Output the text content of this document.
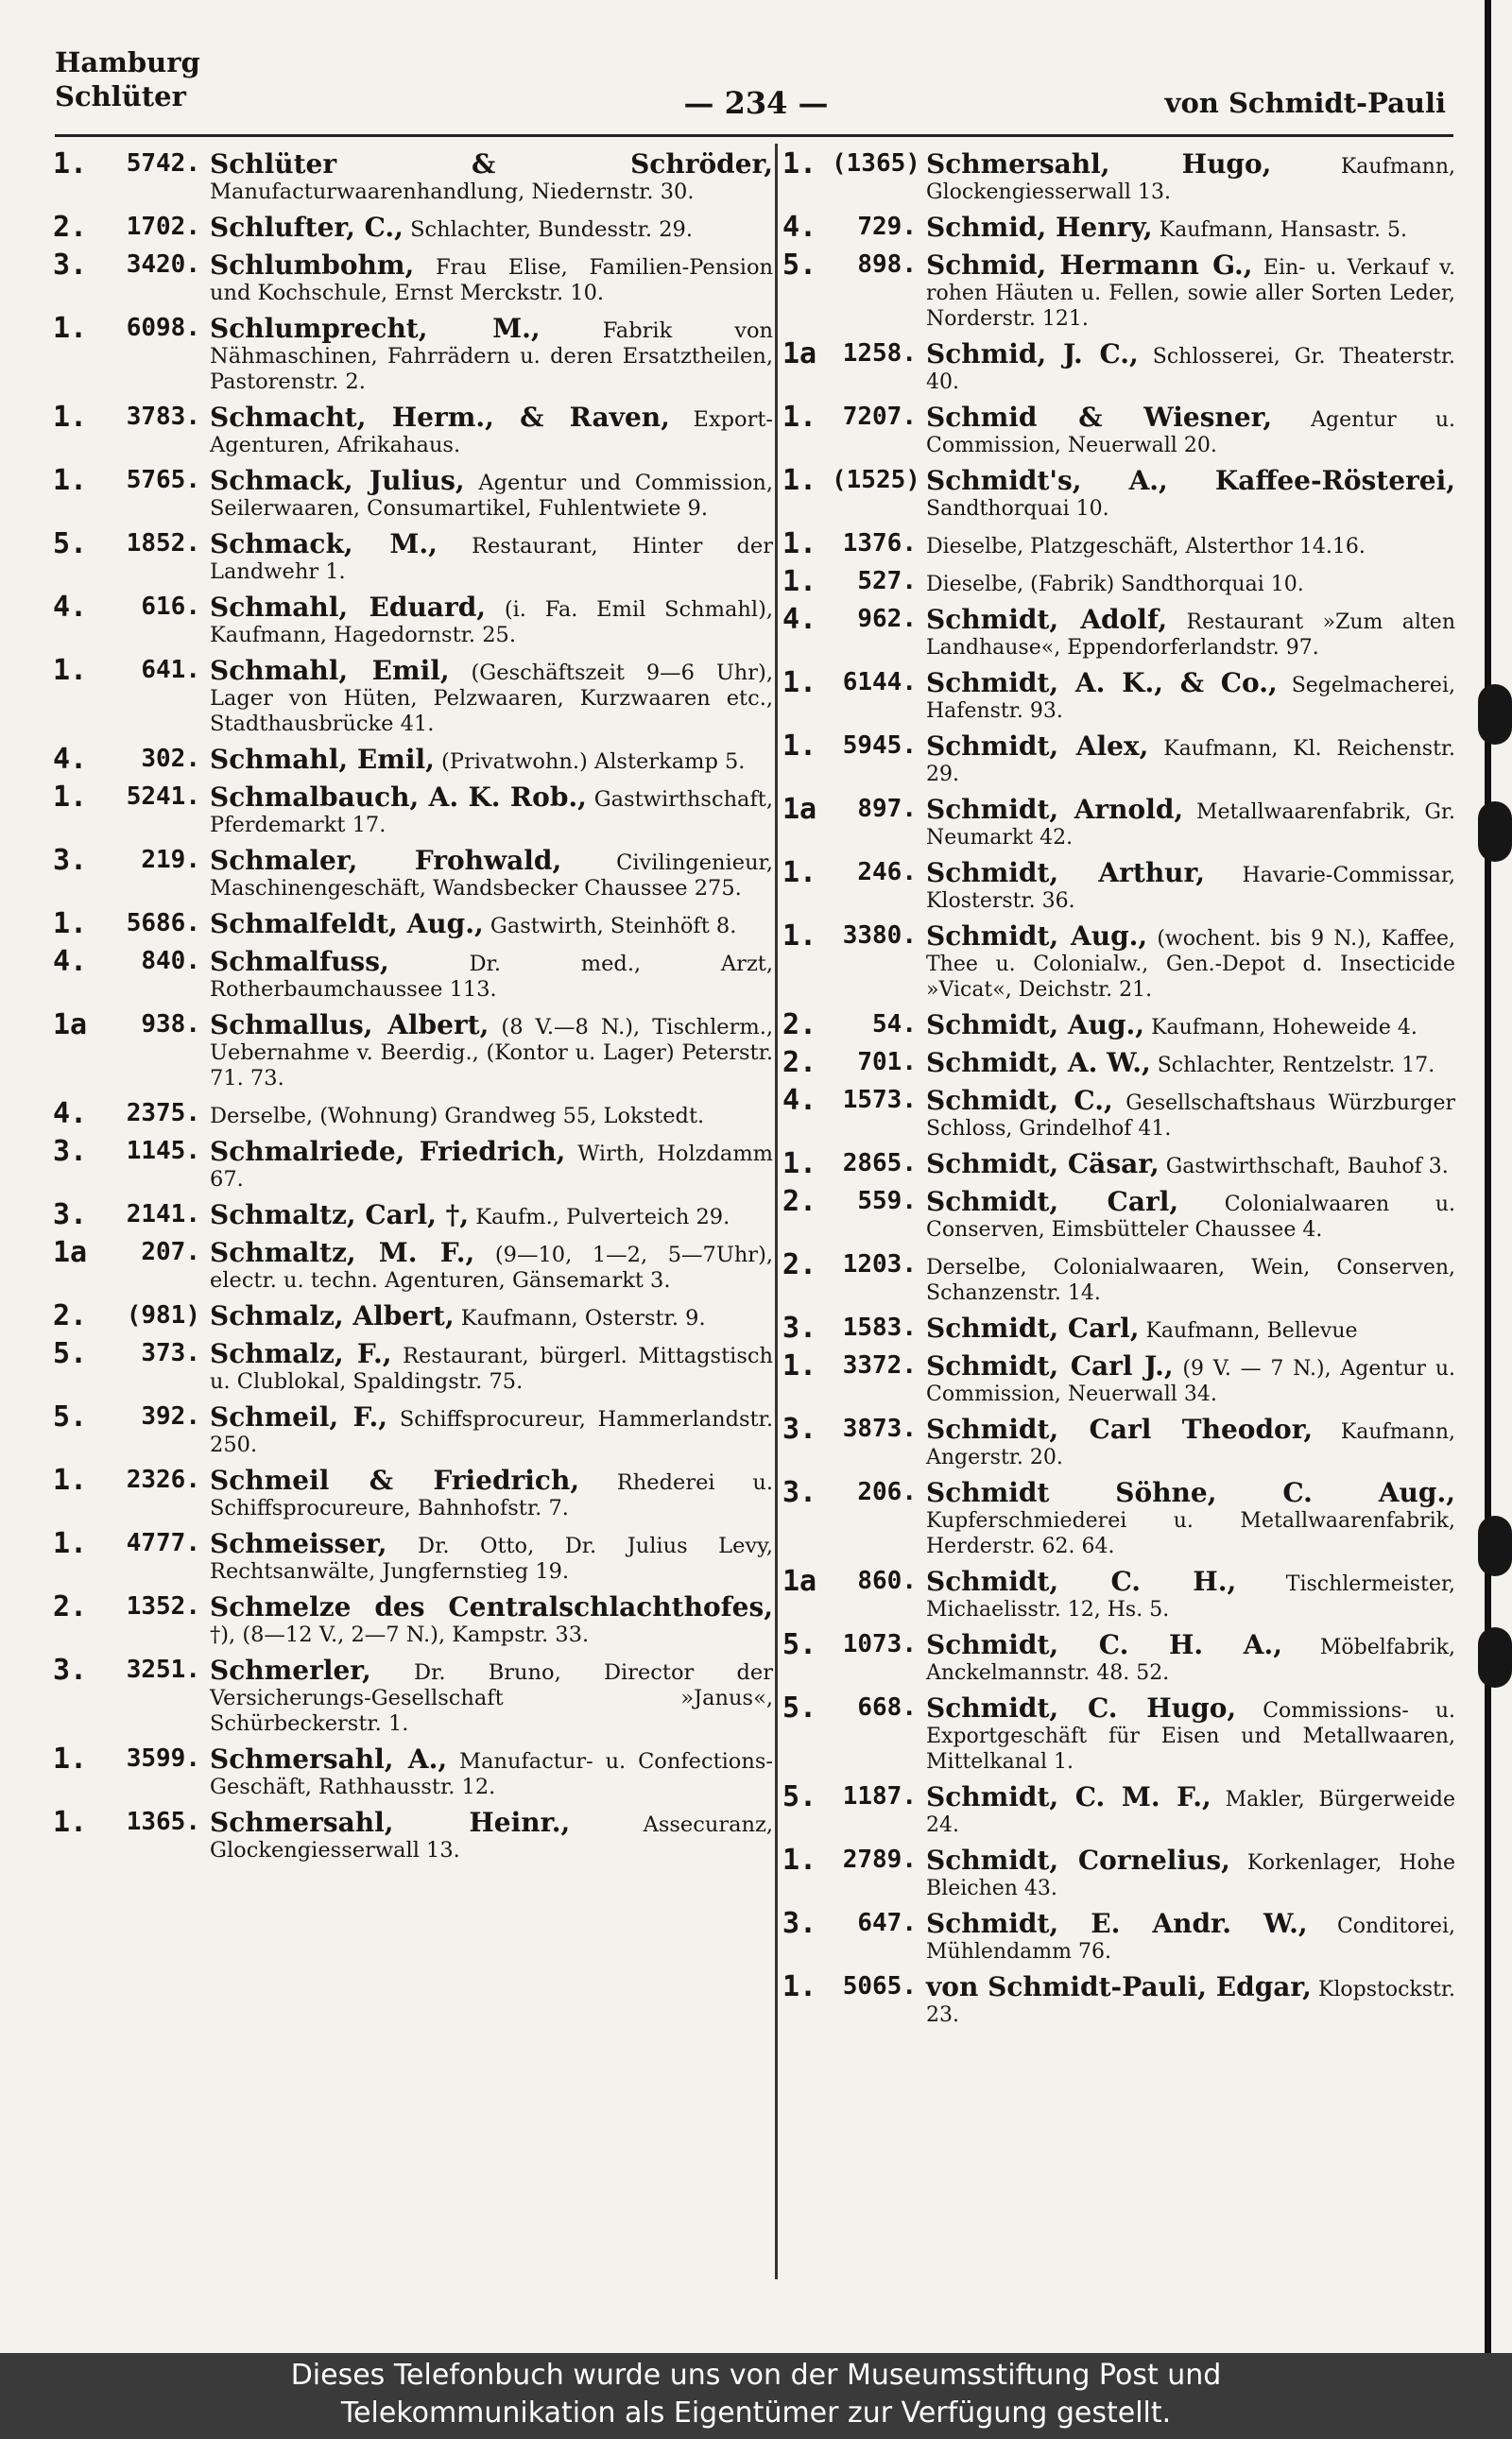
Hamburg
Schlüter	— 234 —	von Schmidt-Pauli
1.	5742. Schlüter & Schröder, Manufacturwaarenhandlung, Niedernstr. 30.
2.	1702. Schlufter, C., Schlachter, Bundesstr. 29.
3.	3420. Schlumbohm, Frau Elise, Familien-Pension und Kochschule, Ernst Merckstr. 10.
1.	6098. Schlumprecht, M.,	Fabrik von Nähmaschinen, Fahrrädern u. deren Ersatztheilen, Pastorenstr. 2.
1.	3783. Schmacht, Herm., & Raven, Export-Agenturen, Afrikahaus.
1.	5765. Schmack, Julius, Agentur und Commission, Seilerwaaren, Consumartikel, Fuhlentwiete 9.
5.	1852. Schmack, M., Restaurant, Hinter der Landwehr 1.
4.	616. Schmahl, Eduard, (i. Fa. Emil Schmahl), Kaufmann, Hagedornstr. 25.
1.	641. Schmahl, Emil, (Geschäftszeit 9—6 Uhr), Lager von Hüten, Pelzwaaren, Kurzwaaren etc., Stadthausbrücke 41.
4.	302. Schmahl, Emil, (Privatwohn.) Alsterkamp 5.
1.	5241. Schmalbauch, A. K. Rob., Gastwirthschaft, Pferdemarkt 17.
3.	219. Schmaler, Frohwald,	Civilingenieur, Maschinengeschäft, Wandsbecker Chaussee 275.
1.	5686. Schmalfeldt, Aug., Gastwirth, Steinhöft 8.
4.	840. Schmalfuss,	Dr. med., Arzt, Rotherbaumchaussee 113.
1a	938. Schmallus, Albert, (8 V.—8 N.), Tischlerm., Uebernahme v. Beerdig., (Kontor u. Lager) Peterstr. 71. 73.
4.	2375. Derselbe, (Wohnung) Grandweg 55, Lokstedt.
3.	1145. Schmalriede, Friedrich, Wirth, Holzdamm 67.
3.	2141. Schmaltz, Carl, †, Kaufm., Pulverteich 29.
1a	207. Schmaltz, M. F., (9—10, 1—2, 5—7Uhr), electr. u. techn. Agenturen, Gänsemarkt 3.
2.	(981) Schmalz, Albert, Kaufmann, Osterstr. 9.
5.	373. Schmalz, F., Restaurant, bürgerl. Mittagstisch u. Clublokal, Spaldingstr. 75.
5.	392. Schmeil, F., Schiffsprocureur, Hammerlandstr. 250.
1.	2326. Schmeil & Friedrich, Rhederei u. Schiffsprocureure, Bahnhofstr. 7.
1.	4777. Schmeisser, Dr. Otto, Dr. Julius Levy, Rechtsanwälte, Jungfernstieg 19.
2.	1352. Schmelze des Centralschlachthofes, †), (8—12 V., 2—7 N.), Kampstr. 33.
3.	3251. Schmerler, Dr. Bruno, Director der Versicherungs-Gesellschaft »Janus«, Schürbeckerstr. 1.
1.	3599. Schmersahl, A., Manufactur- u. Confections-Geschäft, Rathhausstr. 12.
1.	1365. Schmersahl, Heinr.,	Assecuranz, Glockengiesserwall 13.
1. (1365) Schmersahl, Hugo,	Kaufmann, Glockengiesserwall 13.
4.	729. Schmid, Henry, Kaufmann, Hansastr. 5.
5.	898. Schmid, Hermann G., Ein- u. Verkauf v. rohen Häuten u. Fellen, sowie aller Sorten Leder, Norderstr. 121.
1a	1258. Schmid, J. C., Schlosserei, Gr. Theaterstr. 40.
1.	7207. Schmid & Wiesner, Agentur u. Commission, Neuerwall 20.
1. (1525) Schmidt's, A., Kaffee-Rösterei, Sandthorquai 10.
1.	1376. Dieselbe, Platzgeschäft, Alsterthor 14.16.
1.	527. Dieselbe, (Fabrik) Sandthorquai 10.
4.	962. Schmidt, Adolf, Restaurant »Zum alten Landhause«, Eppendorferlandstr. 97.
1.	6144. Schmidt, A. K., & Co., Segelmacherei, Hafenstr. 93.
1.	5945. Schmidt, Alex, Kaufmann, Kl. Reichenstr. 29.
1a	897. Schmidt, Arnold, Metallwaarenfabrik, Gr. Neumarkt 42.
1.	246. Schmidt, Arthur, Havarie-Commissar, Klosterstr. 36.
1.	3380. Schmidt, Aug., (wochent. bis 9 N.), Kaffee, Thee u. Colonialw., Gen.-Depot d. Insecticide »Vicat«, Deichstr. 21.
2.	54. Schmidt, Aug., Kaufmann, Hoheweide 4.
2.	701. Schmidt, A. W., Schlachter, Rentzelstr. 17.
4.	1573. Schmidt, C., Gesellschaftshaus Würzburger Schloss, Grindelhof 41.
1.	2865. Schmidt, Cäsar, Gastwirthschaft, Bauhof 3.
2.	559. Schmidt, Carl, Colonialwaaren u. Conserven, Eimsbütteler Chaussee 4.
2.	1203. Derselbe, Colonialwaaren, Wein, Conserven, Schanzenstr. 14.
3.	1583. Schmidt, Carl, Kaufmann, Bellevue
1.	3372. Schmidt, Carl J., (9 V. — 7 N.), Agentur u. Commission, Neuerwall 34.
3.	3873. Schmidt, Carl Theodor, Kaufmann, Angerstr. 20.
3.	206. Schmidt Söhne, C. Aug., Kupferschmiederei u. Metallwaarenfabrik, Herderstr. 62. 64.
1a	860. Schmidt, C. H., Tischlermeister, Michaelisstr. 12, Hs. 5.
5.	1073. Schmidt, C. H. A., Möbelfabrik, Anckelmannstr. 48. 52.
5.	668. Schmidt, C. Hugo, Commissions- u. Exportgeschäft für Eisen und Metallwaaren, Mittelkanal 1.
5.	1187. Schmidt, C. M. F., Makler, Bürgerweide 24.
1.	2789. Schmidt, Cornelius, Korkenlager, Hohe Bleichen 43.
3.	647. Schmidt, E. Andr. W., Conditorei, Mühlendamm 76.
1.	5065. von Schmidt-Pauli, Edgar, Klopstockstr. 23.
Dieses Telefonbuch wurde uns von der Museumsstiftung Post und
Telekommunikation als Eigentümer zur Verfügung gestellt.
